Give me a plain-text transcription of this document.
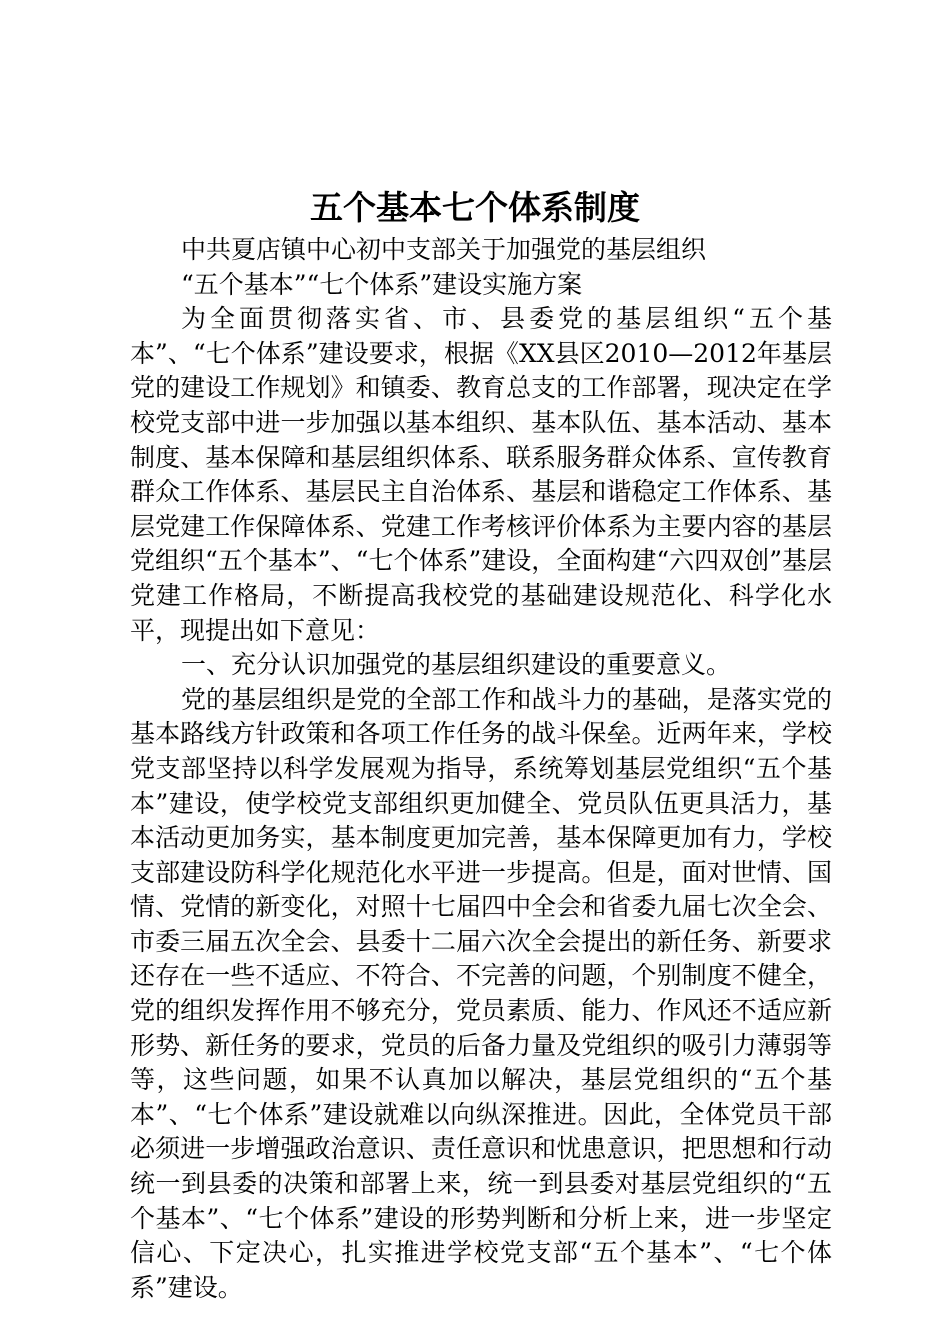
五个基本七个体系制度

中共夏店镇中心初中支部关于加强党的基层组织

“五个基本”“七个体系”建设实施方案

为全面贯彻落实省、市、县委党的基层组织“五个基本”、“七个体系”建设要求，根据《XX县区2010—2012年基层党的建设工作规划》和镇委、教育总支的工作部署，现决定在学校党支部中进一步加强以基本组织、基本队伍、基本活动、基本制度、基本保障和基层组织体系、联系服务群众体系、宣传教育群众工作体系、基层民主自治体系、基层和谐稳定工作体系、基层党建工作保障体系、党建工作考核评价体系为主要内容的基层党组织“五个基本”、“七个体系”建设，全面构建“六四双创”基层党建工作格局，不断提高我校党的基础建设规范化、科学化水平，现提出如下意见：

一、充分认识加强党的基层组织建设的重要意义。

党的基层组织是党的全部工作和战斗力的基础，是落实党的基本路线方针政策和各项工作任务的战斗保垒。近两年来，学校党支部坚持以科学发展观为指导，系统筹划基层党组织“五个基本”建设，使学校党支部组织更加健全、党员队伍更具活力，基本活动更加务实，基本制度更加完善，基本保障更加有力，学校支部建设防科学化规范化水平进一步提高。但是，面对世情、国情、党情的新变化，对照十七届四中全会和省委九届七次全会、市委三届五次全会、县委十二届六次全会提出的新任务、新要求还存在一些不适应、不符合、不完善的问题，个别制度不健全，党的组织发挥作用不够充分，党员素质、能力、作风还不适应新形势、新任务的要求，党员的后备力量及党组织的吸引力薄弱等等，这些问题，如果不认真加以解决，基层党组织的“五个基本”、“七个体系”建设就难以向纵深推进。因此，全体党员干部必须进一步增强政治意识、责任意识和忧患意识，把思想和行动统一到县委的决策和部署上来，统一到县委对基层党组织的“五个基本”、“七个体系”建设的形势判断和分析上来，进一步坚定信心、下定决心，扎实推进学校党支部“五个基本”、“七个体系”建设。
